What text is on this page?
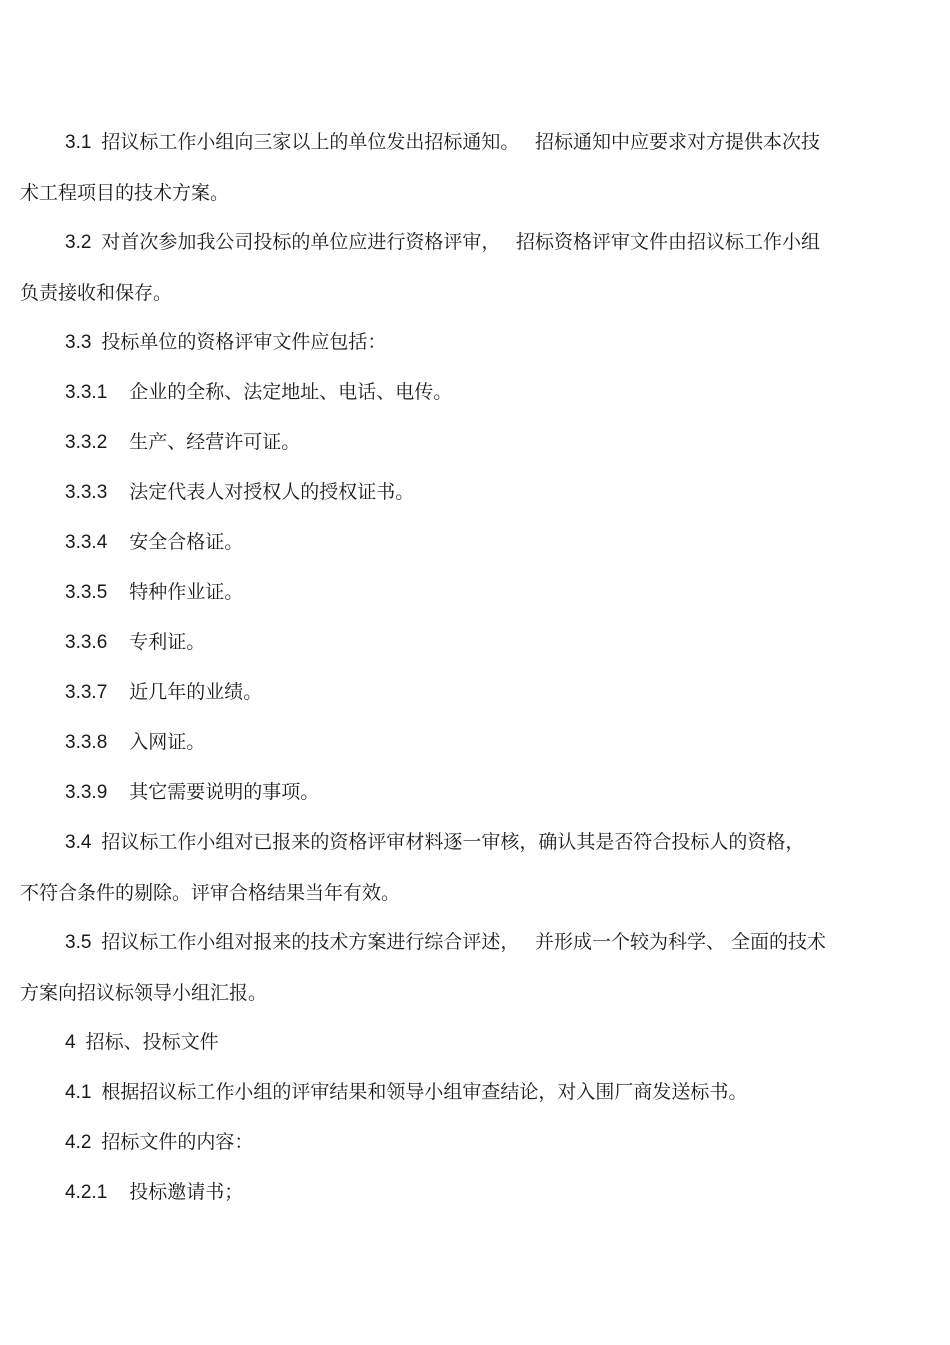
3.1 招议标工作小组向三家以上的单位发出招标通知。　 招标通知中应要求对方提供本次技
术工程项目的技术方案。
3.2 对首次参加我公司投标的单位应进行资格评审，　 招标资格评审文件由招议标工作小组
负责接收和保存。
3.3 投标单位的资格评审文件应包括：
3.3.1 企业的全称、法定地址、电话、电传。
3.3.2 生产、经营许可证。
3.3.3 法定代表人对授权人的授权证书。
3.3.4 安全合格证。
3.3.5 特种作业证。
3.3.6 专利证。
3.3.7 近几年的业绩。
3.3.8 入网证。
3.3.9 其它需要说明的事项。
3.4 招议标工作小组对已报来的资格评审材料逐一审核，确认其是否符合投标人的资格，
不符合条件的剔除。评审合格结果当年有效。
3.5 招议标工作小组对报来的技术方案进行综合评述，　 并形成一个较为科学、 全面的技术
方案向招议标领导小组汇报。
4 招标、投标文件
4.1 根据招议标工作小组的评审结果和领导小组审查结论，对入围厂商发送标书。
4.2 招标文件的内容：
4.2.1 投标邀请书；
